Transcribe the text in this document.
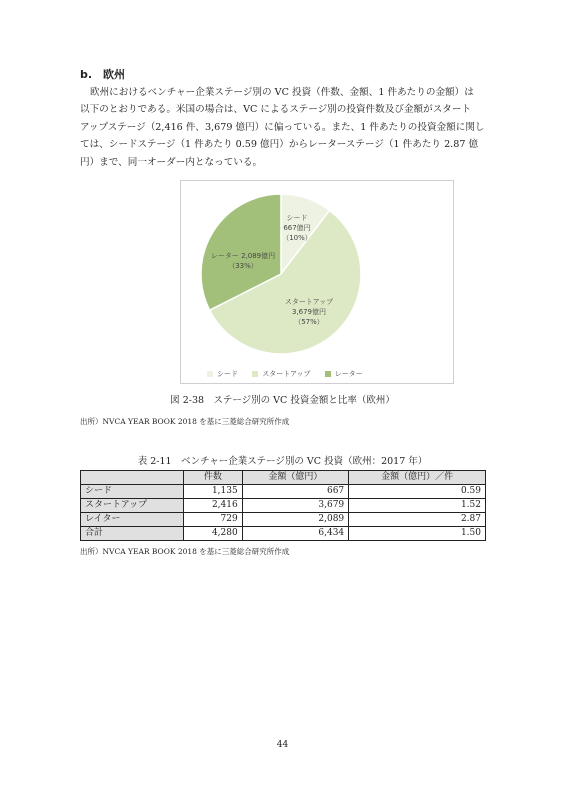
b.　欧州
欧州におけるベンチャー企業ステージ別の VC 投資（件数、金額、1 件あたりの金額）は
以下のとおりである。米国の場合は、VC によるステージ別の投資件数及び金額がスタート
アップステージ（2,416 件、3,679 億円）に偏っている。また、1 件あたりの投資金額に関し
ては、シードステージ（1 件あたり 0.59 億円）からレーターステージ（1 件あたり 2.87 億
円）まで、同一オーダー内となっている。
シード
667億円
（10%）
スタートアップ
3,679億円
（57%）
レーター 2,089億円
（33%）
シード	スタートアップ	レーター
図 2-38　ステージ別の VC 投資金額と比率（欧州）
出所）NVCA YEAR BOOK 2018 を基に三菱総合研究所作成
表 2-11　ベンチャー企業ステージ別の VC 投資（欧州：2017 年）
	件数	金額（億円）	金額（億円）／件
シード	1,135	667	0.59
スタートアップ	2,416	3,679	1.52
レイター	729	2,089	2.87
合計	4,280	6,434	1.50
出所）NVCA YEAR BOOK 2018 を基に三菱総合研究所作成
44
